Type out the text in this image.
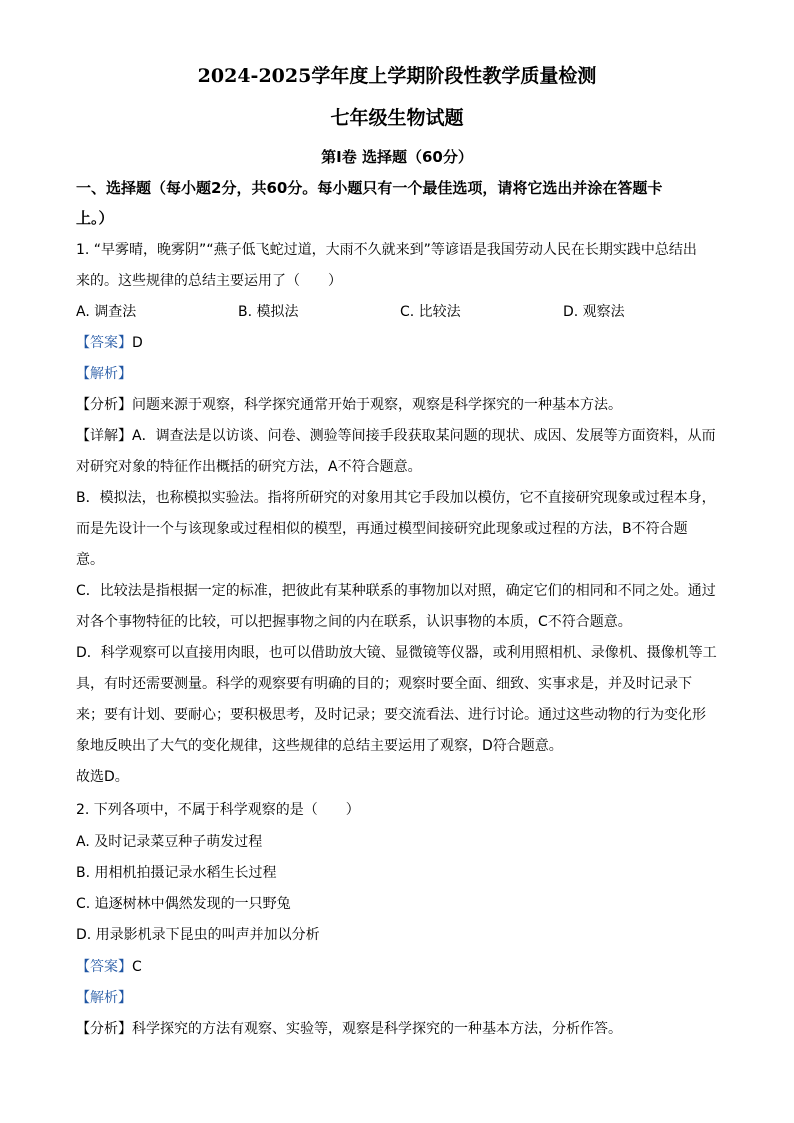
2024-2025学年度上学期阶段性教学质量检测
七年级生物试题
第Ⅰ卷 选择题（60分）
一、选择题（每小题2分，共60分。每小题只有一个最佳选项，请将它选出并涂在答题卡
上。）
1. “早雾晴，晚雾阴”“燕子低飞蛇过道，大雨不久就来到”等谚语是我国劳动人民在长期实践中总结出
来的。这些规律的总结主要运用了（　　）
A. 调查法	B. 模拟法	C. 比较法	D. 观察法
【答案】D
【解析】
【分析】问题来源于观察，科学探究通常开始于观察，观察是科学探究的一种基本方法。
【详解】A．调查法是以访谈、问卷、测验等间接手段获取某问题的现状、成因、发展等方面资料，从而
对研究对象的特征作出概括的研究方法，A不符合题意。
B．模拟法，也称模拟实验法。指将所研究的对象用其它手段加以模仿，它不直接研究现象或过程本身，
而是先设计一个与该现象或过程相似的模型，再通过模型间接研究此现象或过程的方法，B不符合题
意。
C．比较法是指根据一定的标准，把彼此有某种联系的事物加以对照，确定它们的相同和不同之处。通过
对各个事物特征的比较，可以把握事物之间的内在联系，认识事物的本质，C不符合题意。
D．科学观察可以直接用肉眼，也可以借助放大镜、显微镜等仪器，或利用照相机、录像机、摄像机等工
具，有时还需要测量。科学的观察要有明确的目的；观察时要全面、细致、实事求是，并及时记录下
来；要有计划、要耐心；要积极思考，及时记录；要交流看法、进行讨论。通过这些动物的行为变化形
象地反映出了大气的变化规律，这些规律的总结主要运用了观察，D符合题意。
故选D。
2. 下列各项中，不属于科学观察的是（　　）
A. 及时记录菜豆种子萌发过程
B. 用相机拍摄记录水稻生长过程
C. 追逐树林中偶然发现的一只野兔
D. 用录影机录下昆虫的叫声并加以分析
【答案】C
【解析】
【分析】科学探究的方法有观察、实验等，观察是科学探究的一种基本方法，分析作答。
